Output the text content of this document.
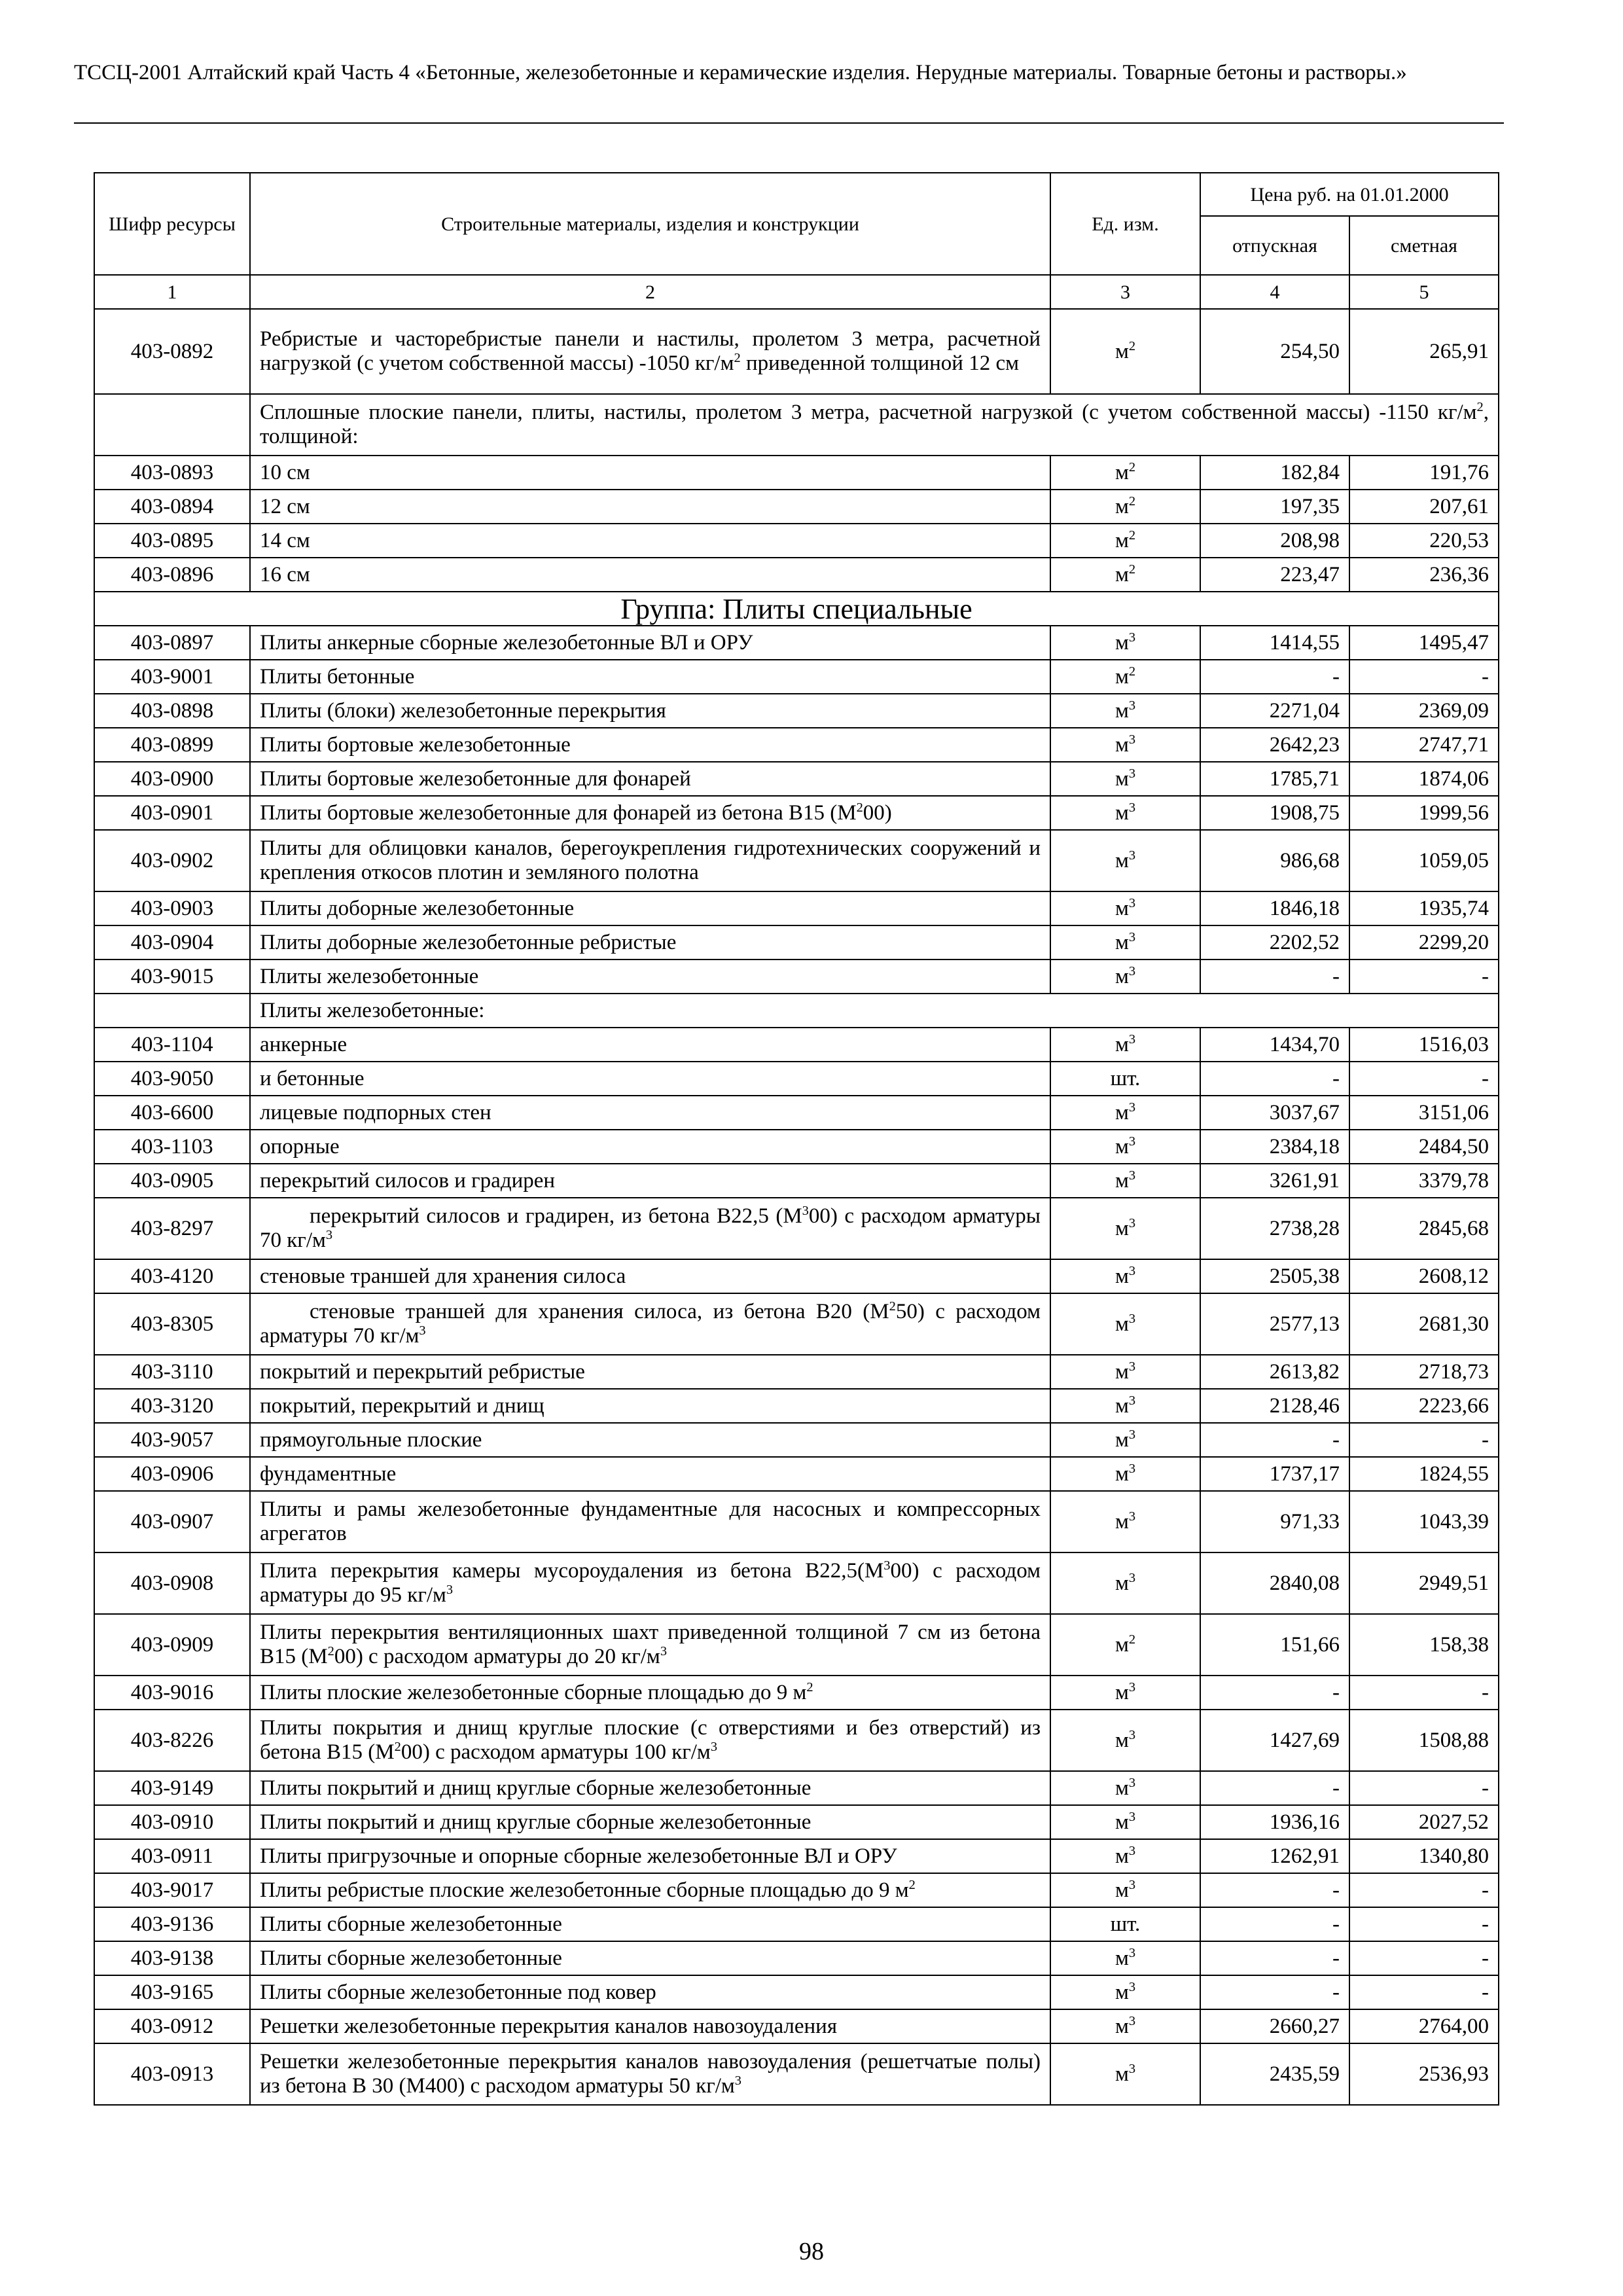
ТССЦ-2001 Алтайский край Часть 4 «Бетонные, железобетонные и керамические изделия. Нерудные материалы. Товарные бетоны и растворы.»
Шифр ресурсы	Строительные материалы, изделия и конструкции	Ед. изм.	Цена руб. на 01.01.2000	
			отпускная	сметная
1	2	3	4	5
403-0892	Ребристые и часторебристые панели и настилы, пролетом 3 метра, расчетной нагрузкой (с учетом собственной массы) -1050 $кг/м^2$ приведенной толщиной 12 см	$м^2$	254,50	265,91
	Сплошные плоские панели, плиты, настилы, пролетом 3 метра, расчетной нагрузкой (с учетом собственной массы) -1150 $кг/м^2$, толщиной:			
403-0893	10 см	$м^2$	182,84	191,76
403-0894	12 см	$м^2$	197,35	207,61
403-0895	14 см	$м^2$	208,98	220,53
403-0896	16 см	$м^2$	223,47	236,36
Группа: Плиты специальные				
403-0897	Плиты анкерные сборные железобетонные ВЛ и ОРУ	$м^3$	1414,55	1495,47
403-9001	Плиты бетонные	$м^2$	-	-
403-0898	Плиты (блоки) железобетонные перекрытия	$м^3$	2271,04	2369,09
403-0899	Плиты бортовые железобетонные	$м^3$	2642,23	2747,71
403-0900	Плиты бортовые железобетонные для фонарей	$м^3$	1785,71	1874,06
403-0901	Плиты бортовые железобетонные для фонарей из бетона В15 $(М^200)$	$м^3$	1908,75	1999,56
403-0902	Плиты для облицовки каналов, берегоукрепления гидротехнических сооружений и крепления откосов плотин и земляного полотна	$м^3$	986,68	1059,05
403-0903	Плиты доборные железобетонные	$м^3$	1846,18	1935,74
403-0904	Плиты доборные железобетонные ребристые	$м^3$	2202,52	2299,20
403-9015	Плиты железобетонные	$м^3$	-	-
	Плиты железобетонные:			
403-1104	анкерные	$м^3$	1434,70	1516,03
403-9050	и бетонные	шт.	-	-
403-6600	лицевые подпорных стен	$м^3$	3037,67	3151,06
403-1103	опорные	$м^3$	2384,18	2484,50
403-0905	перекрытий силосов и градирен	$м^3$	3261,91	3379,78
403-8297	перекрытий силосов и градирен, из бетона В22,5 $(М^300)$ с расходом арматуры 70 $кг/м^3$	$м^3$	2738,28	2845,68
403-4120	стеновые траншей для хранения силоса	$м^3$	2505,38	2608,12
403-8305	стеновые траншей для хранения силоса, из бетона В20 $(М^250)$ с расходом арматуры 70 $кг/м^3$	$м^3$	2577,13	2681,30
403-3110	покрытий и перекрытий ребристые	$м^3$	2613,82	2718,73
403-3120	покрытий, перекрытий и днищ	$м^3$	2128,46	2223,66
403-9057	прямоугольные плоские	$м^3$	-	-
403-0906	фундаментные	$м^3$	1737,17	1824,55
403-0907	Плиты и рамы железобетонные фундаментные для насосных и компрессорных агрегатов	$м^3$	971,33	1043,39
403-0908	Плита перекрытия камеры мусороудаления из бетона $В22,5(М^300)$ с расходом арматуры до 95 $кг/м^3$	$м^3$	2840,08	2949,51
403-0909	Плиты перекрытия вентиляционных шахт приведенной толщиной 7 см из бетона В15 $(М^200)$ с расходом арматуры до 20 $кг/м^3$	$м^2$	151,66	158,38
403-9016	Плиты плоские железобетонные сборные площадью до 9 $м^2$	$м^3$	-	-
403-8226	Плиты покрытия и днищ круглые плоские (с отверстиями и без отверстий) из бетона В15 $(М^200)$ с расходом арматуры 100 $кг/м^3$	$м^3$	1427,69	1508,88
403-9149	Плиты покрытий и днищ круглые сборные железобетонные	$м^3$	-	-
403-0910	Плиты покрытий и днищ круглые сборные железобетонные	$м^3$	1936,16	2027,52
403-0911	Плиты пригрузочные и опорные сборные железобетонные ВЛ и ОРУ	$м^3$	1262,91	1340,80
403-9017	Плиты ребристые плоские железобетонные сборные площадью до 9 $м^2$	$м^3$	-	-
403-9136	Плиты сборные железобетонные	шт.	-	-
403-9138	Плиты сборные железобетонные	$м^3$	-	-
403-9165	Плиты сборные железобетонные под ковер	$м^3$	-	-
403-0912	Решетки железобетонные перекрытия каналов навозоудаления	$м^3$	2660,27	2764,00
403-0913	Решетки железобетонные перекрытия каналов навозоудаления (решетчатые полы) из бетона В 30 (М400) с расходом арматуры 50 $кг/м^3$	$м^3$	2435,59	2536,93
98
